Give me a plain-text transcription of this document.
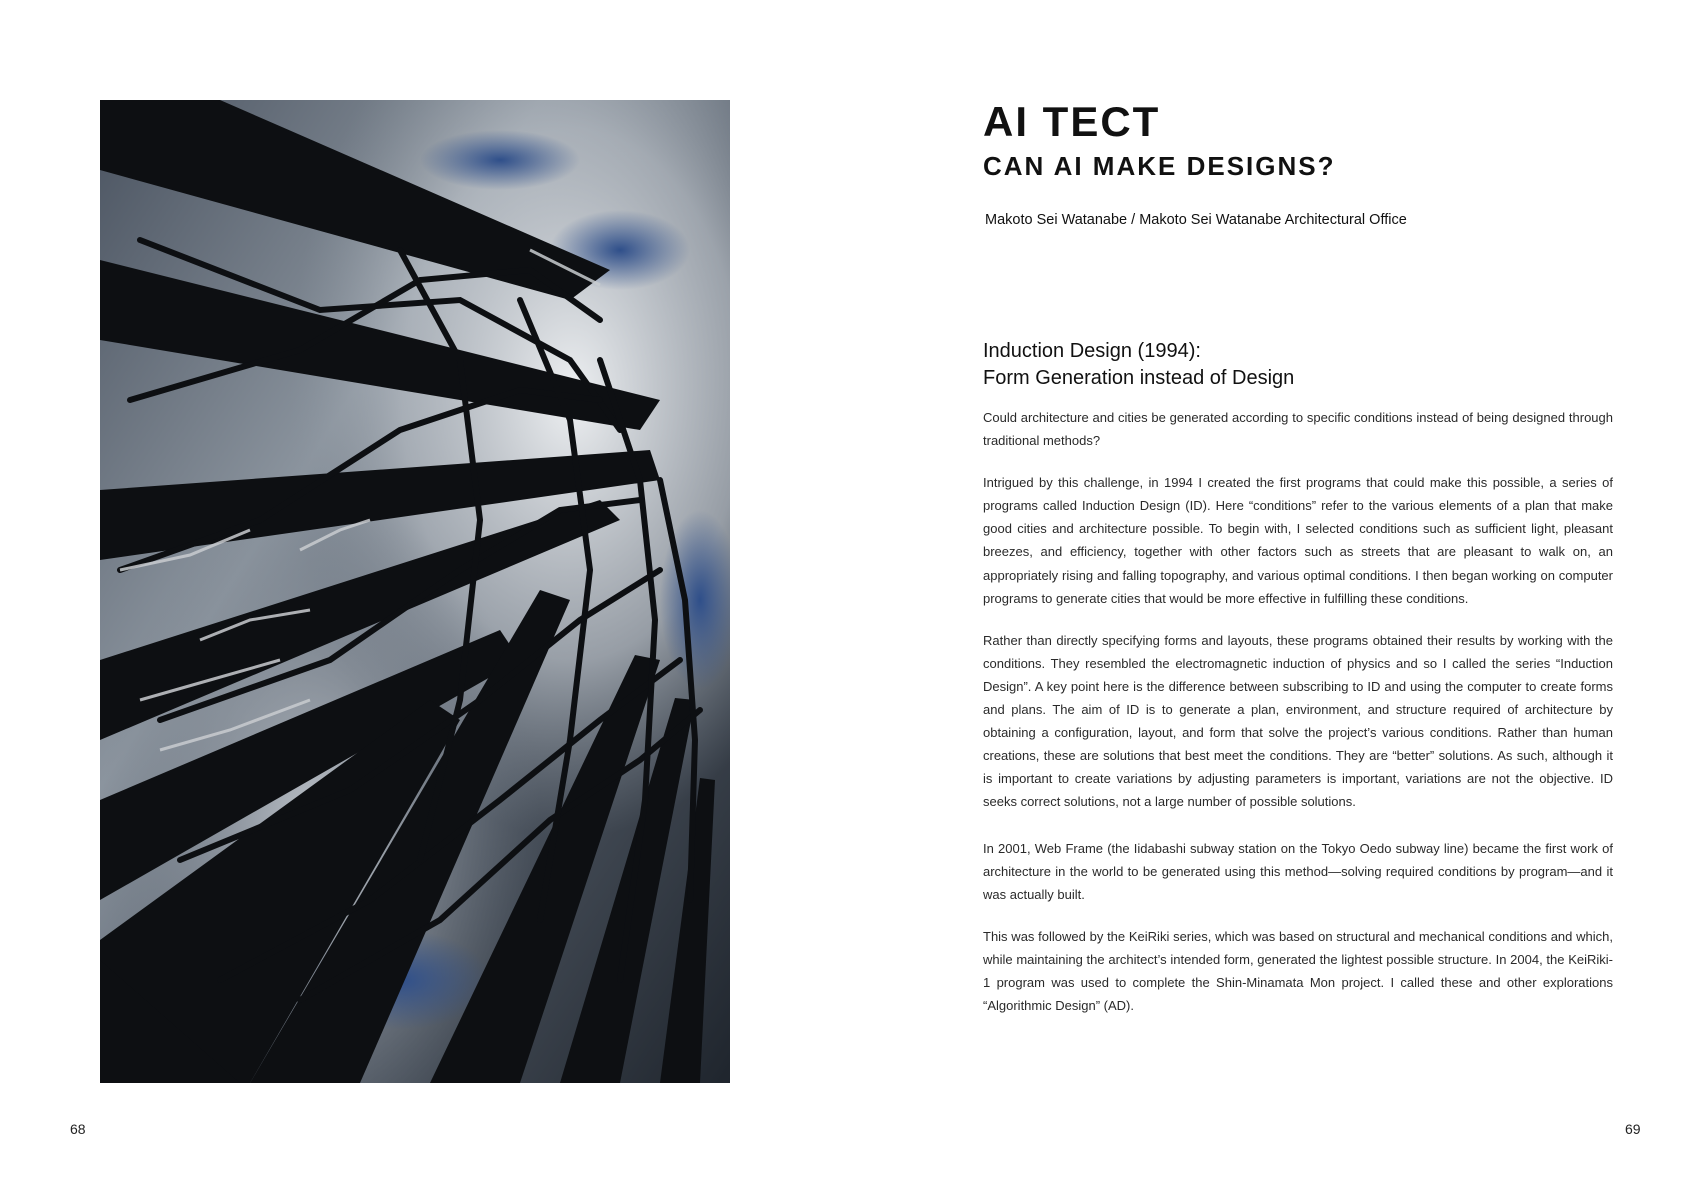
68	69
AI TECT
CAN AI MAKE DESIGNS?
Makoto Sei Watanabe / Makoto Sei Watanabe Architectural Office
Induction Design (1994):
Form Generation instead of Design

Could architecture and cities be generated according to specific conditions instead of being designed through traditional methods?

Intrigued by this challenge, in 1994 I created the first programs that could make this possible, a series of programs called Induction Design (ID). Here “conditions” refer to the various elements of a plan that make good cities and architecture possible. To begin with, I selected conditions such as sufficient light, pleasant breezes, and efficiency, together with other factors such as streets that are pleasant to walk on, an appropriately rising and falling topography, and various optimal conditions. I then began working on computer programs to generate cities that would be more effective in fulfilling these conditions.

Rather than directly specifying forms and layouts, these programs obtained their results by working with the conditions. They resembled the electromagnetic induction of physics and so I called the series “Induction Design”. A key point here is the difference between subscribing to ID and using the computer to create forms and plans. The aim of ID is to generate a plan, environment, and structure required of architecture by obtaining a configuration, layout, and form that solve the project’s various conditions. Rather than human creations, these are solutions that best meet the conditions. They are “better” solutions. As such, although it is important to create variations by adjusting parameters is important, variations are not the objective. ID seeks correct solutions, not a large number of possible solutions.

In 2001, Web Frame (the Iidabashi subway station on the Tokyo Oedo subway line) became the first work of architecture in the world to be generated using this method—solving required conditions by program—and it was actually built.

This was followed by the KeiRiki series, which was based on structural and mechanical conditions and which, while maintaining the architect’s intended form, generated the lightest possible structure. In 2004, the KeiRiki-1 program was used to complete the Shin-Minamata Mon project. I called these and other explorations “Algorithmic Design” (AD).
